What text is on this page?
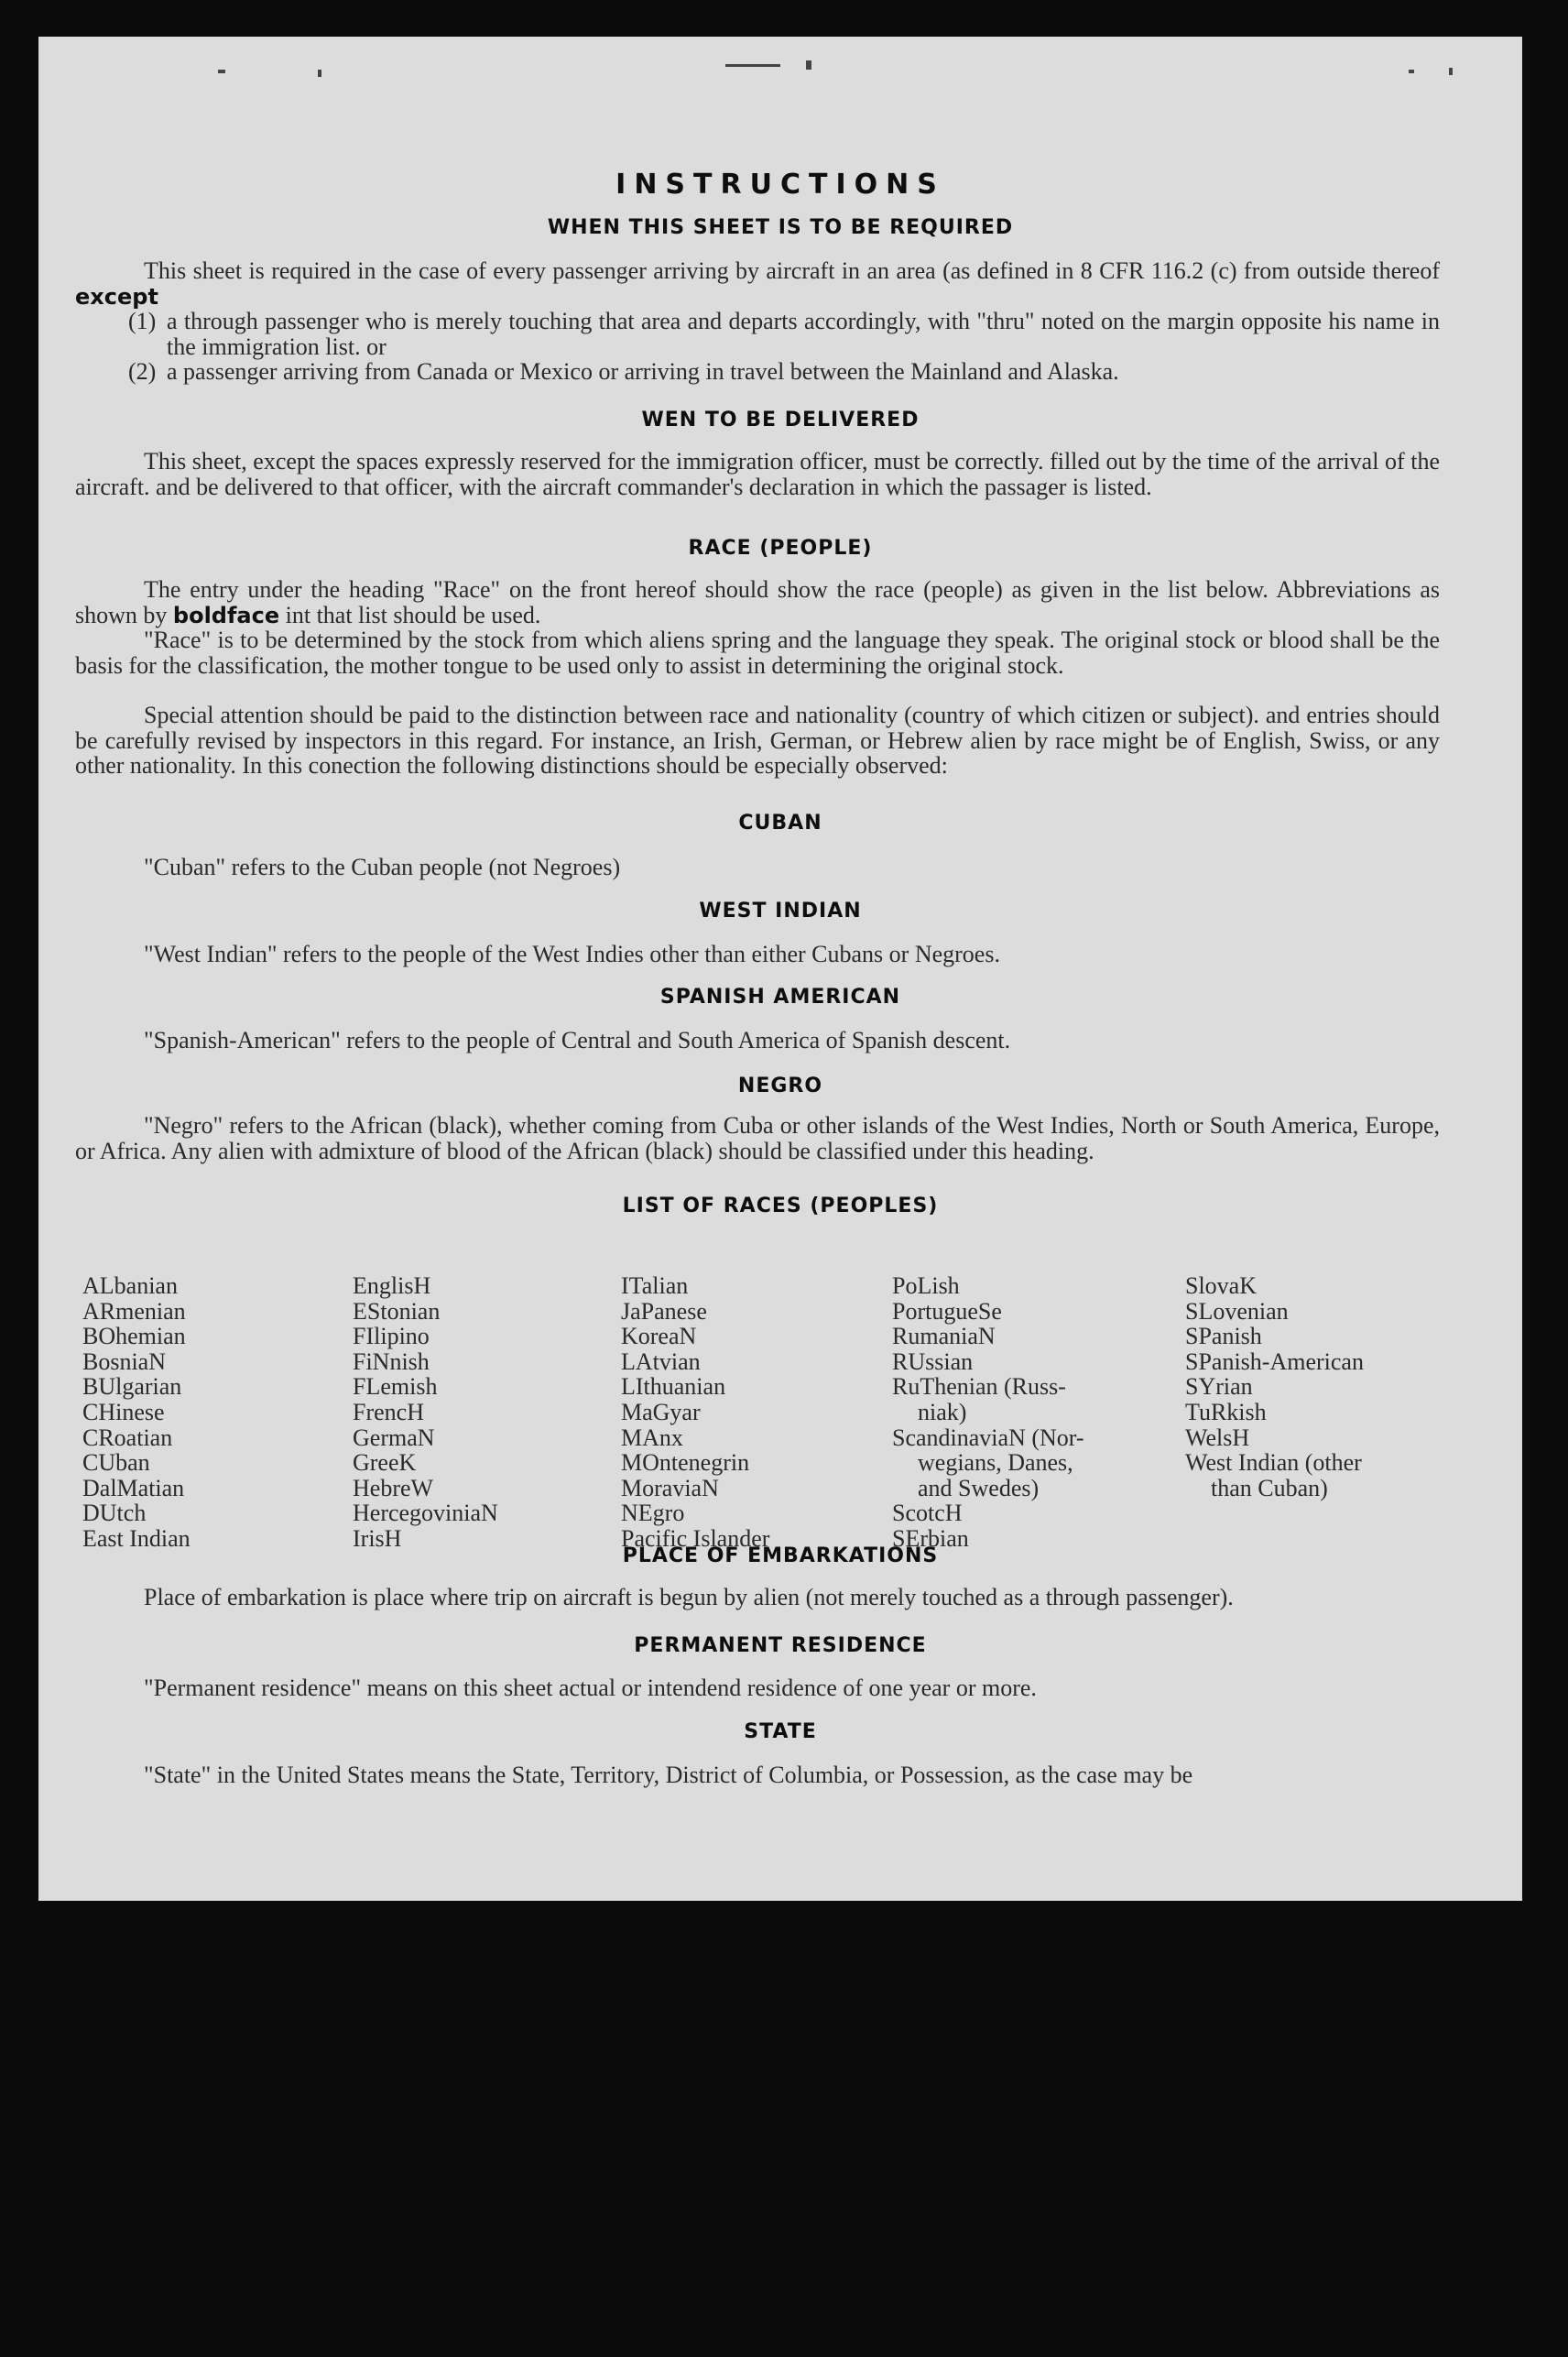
INSTRUCTIONS
WHEN THIS SHEET IS TO BE REQUIRED
This sheet is required in the case of every passenger arriving by aircraft in an area (as defined in 8 CFR 116.2 (c) from outside thereof except
(1) a through passenger who is merely touching that area and departs accordingly, with "thru" noted on the margin opposite his name in the immigration list. or
(2) a passenger arriving from Canada or Mexico or arriving in travel between the Mainland and Alaska.
WEN TO BE DELIVERED
This sheet, except the spaces expressly reserved for the immigration officer, must be correctly. filled out by the time of the arrival of the aircraft. and be delivered to that officer, with the aircraft commander's declaration in which the passager is listed.
RACE (PEOPLE)
The entry under the heading "Race" on the front hereof should show the race (people) as given in the list below. Abbreviations as shown by boldface int that list should be used.
"Race" is to be determined by the stock from which aliens spring and the language they speak. The original stock or blood shall be the basis for the classification, the mother tongue to be used only to assist in determining the original stock.
Special attention should be paid to the distinction between race and nationality (country of which citizen or subject). and entries should be carefully revised by inspectors in this regard. For instance, an Irish, German, or Hebrew alien by race might be of English, Swiss, or any other nationality. In this conection the following distinctions should be especially observed:
CUBAN
"Cuban" refers to the Cuban people (not Negroes)
WEST INDIAN
"West Indian" refers to the people of the West Indies other than either Cubans or Negroes.
SPANISH AMERICAN
"Spanish-American" refers to the people of Central and South America of Spanish descent.
NEGRO
"Negro" refers to the African (black), whether coming from Cuba or other islands of the West Indies, North or South America, Europe, or Africa. Any alien with admixture of blood of the African (black) should be classified under this heading.
LIST OF RACES (PEOPLES)
ALbanian
ARmenian
BOhemian
BosniaN
BUlgarian
CHinese
CRoatian
CUban
DalMatian
DUtch
East Indian
EnglisH
EStonian
FIlipino
FiNnish
FLemish
FrencH
GermaN
GreeK
HebreW
HercegoviniaN
IrisH
ITalian
JaPanese
KoreaN
LAtvian
LIthuanian
MaGyar
MAnx
MOntenegrin
MoraviaN
NEgro
Pacific Islander
PoLish
PortugueSe
RumaniaN
RUssian
RuThenian (Russ-
niak)
ScandinaviaN (Nor-
wegians, Danes,
and Swedes)
ScotcH
SErbian
SlovaK
SLovenian
SPanish
SPanish-American
SYrian
TuRkish
WelsH
West Indian (other
than Cuban)
PLACE OF EMBARKATIONS
Place of embarkation is place where trip on aircraft is begun by alien (not merely touched as a through passenger).
PERMANENT RESIDENCE
"Permanent residence" means on this sheet actual or intendend residence of one year or more.
STATE
"State" in the United States means the State, Territory, District of Columbia, or Possession, as the case may be
